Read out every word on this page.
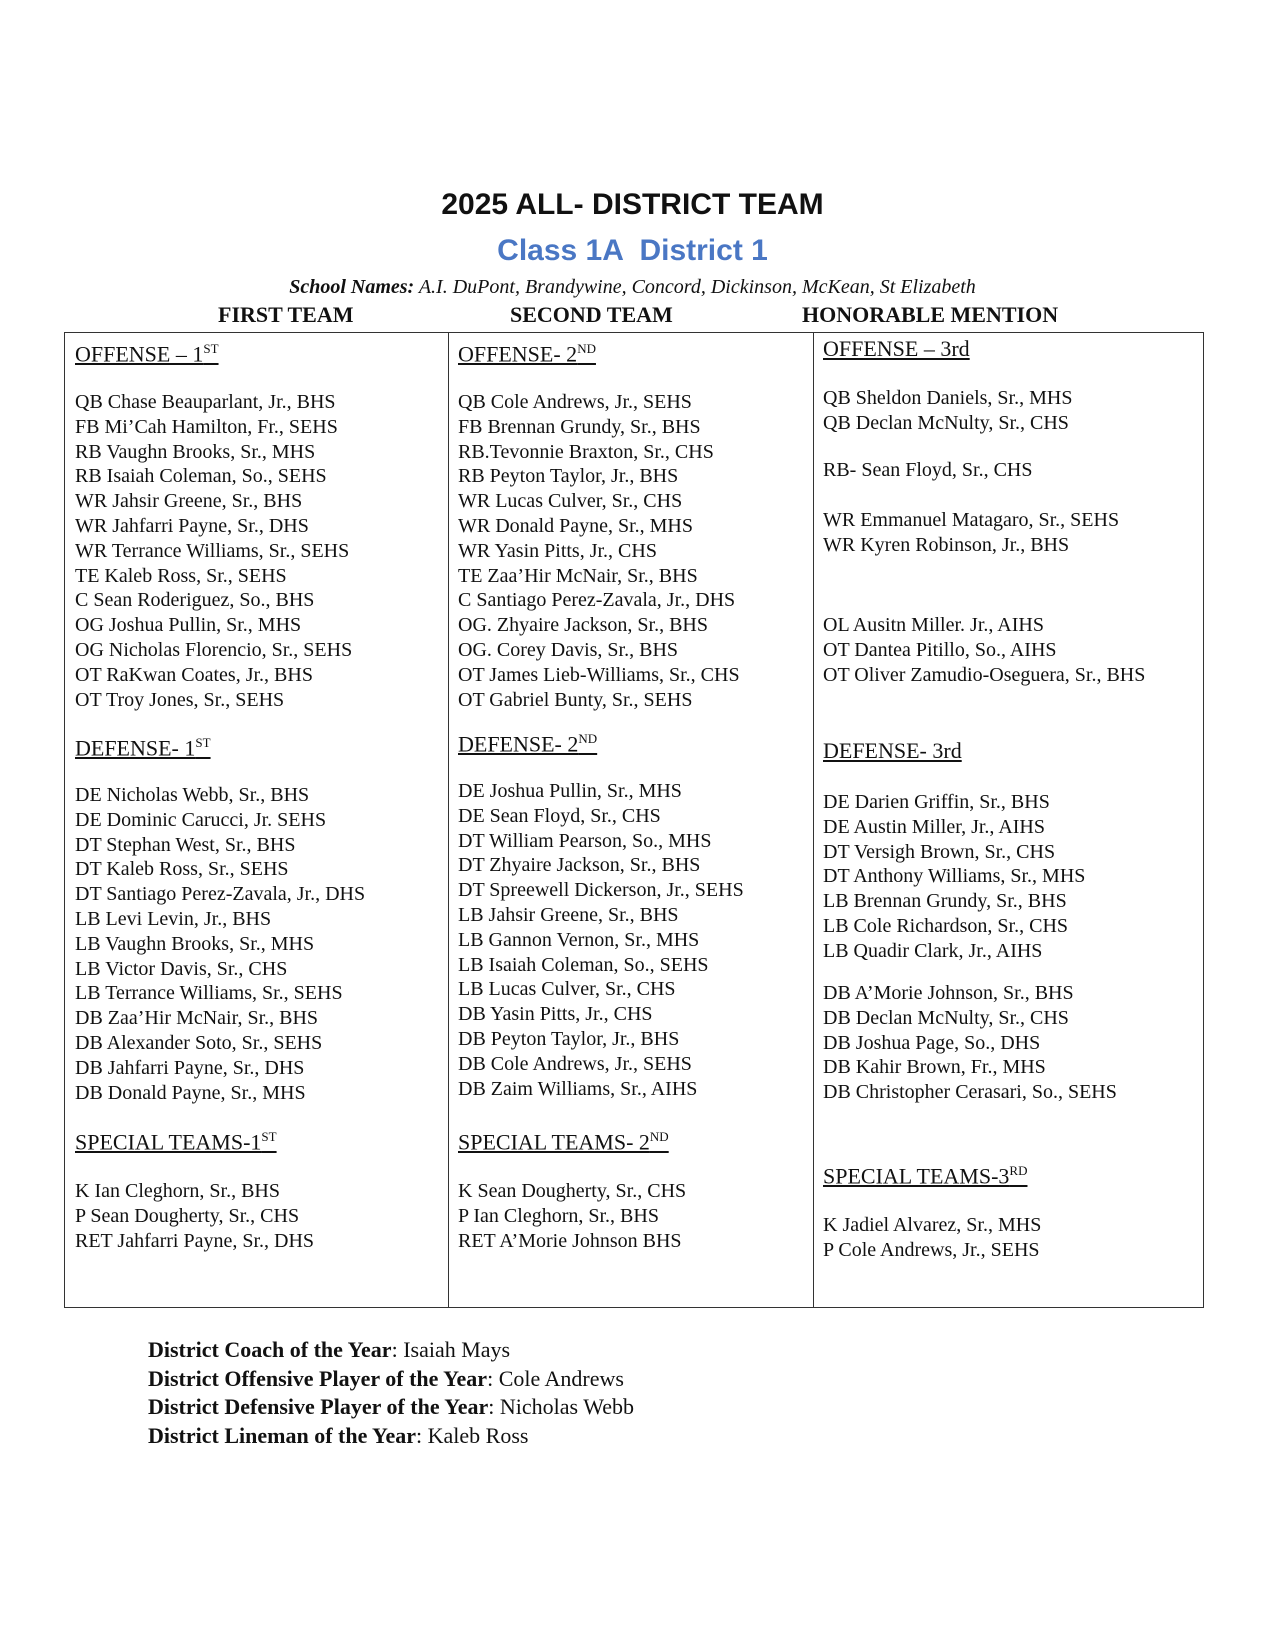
2025 ALL- DISTRICT TEAM
Class 1A  District 1
School Names: A.I. DuPont, Brandywine, Concord, Dickinson, McKean, St Elizabeth
FIRST TEAM	SECOND TEAM	HONORABLE MENTION
OFFENSE – 1ST
QB Chase Beauparlant, Jr., BHS
FB Mi’Cah Hamilton, Fr., SEHS
RB Vaughn Brooks, Sr., MHS
RB Isaiah Coleman, So., SEHS
WR Jahsir Greene, Sr., BHS
WR Jahfarri Payne, Sr., DHS
WR Terrance Williams, Sr., SEHS
TE Kaleb Ross, Sr., SEHS
C Sean Roderiguez, So., BHS
OG Joshua Pullin, Sr., MHS
OG Nicholas Florencio, Sr., SEHS
OT RaKwan Coates, Jr., BHS
OT Troy Jones, Sr., SEHS
DEFENSE- 1ST
DE Nicholas Webb, Sr., BHS
DE Dominic Carucci, Jr. SEHS
DT Stephan West, Sr., BHS
DT Kaleb Ross, Sr., SEHS
DT Santiago Perez-Zavala, Jr., DHS
LB Levi Levin, Jr., BHS
LB Vaughn Brooks, Sr., MHS
LB Victor Davis, Sr., CHS
LB Terrance Williams, Sr., SEHS
DB Zaa’Hir McNair, Sr., BHS
DB Alexander Soto, Sr., SEHS
DB Jahfarri Payne, Sr., DHS
DB Donald Payne, Sr., MHS
SPECIAL TEAMS-1ST
K Ian Cleghorn, Sr., BHS
P Sean Dougherty, Sr., CHS
RET Jahfarri Payne, Sr., DHS
OFFENSE- 2ND
QB Cole Andrews, Jr., SEHS
FB Brennan Grundy, Sr., BHS
RB.Tevonnie Braxton, Sr., CHS
RB Peyton Taylor, Jr., BHS
WR Lucas Culver, Sr., CHS
WR Donald Payne, Sr., MHS
WR Yasin Pitts, Jr., CHS
TE Zaa’Hir McNair, Sr., BHS
C Santiago Perez-Zavala, Jr., DHS
OG. Zhyaire Jackson, Sr., BHS
OG. Corey Davis, Sr., BHS
OT James Lieb-Williams, Sr., CHS
OT Gabriel Bunty, Sr., SEHS
DEFENSE- 2ND
DE Joshua Pullin, Sr., MHS
DE Sean Floyd, Sr., CHS
DT William Pearson, So., MHS
DT Zhyaire Jackson, Sr., BHS
DT Spreewell Dickerson, Jr., SEHS
LB Jahsir Greene, Sr., BHS
LB Gannon Vernon, Sr., MHS
LB Isaiah Coleman, So., SEHS
LB Lucas Culver, Sr., CHS
DB Yasin Pitts, Jr., CHS
DB Peyton Taylor, Jr., BHS
DB Cole Andrews, Jr., SEHS
DB Zaim Williams, Sr., AIHS
SPECIAL TEAMS- 2ND
K Sean Dougherty, Sr., CHS
P Ian Cleghorn, Sr., BHS
RET A’Morie Johnson BHS
OFFENSE – 3rd
QB Sheldon Daniels, Sr., MHS
QB Declan McNulty, Sr., CHS
RB- Sean Floyd, Sr., CHS
WR Emmanuel Matagaro, Sr., SEHS
WR Kyren Robinson, Jr., BHS
OL Ausitn Miller. Jr., AIHS
OT Dantea Pitillo, So., AIHS
OT Oliver Zamudio-Oseguera, Sr., BHS
DEFENSE- 3rd
DE Darien Griffin, Sr., BHS
DE Austin Miller, Jr., AIHS
DT Versigh Brown, Sr., CHS
DT Anthony Williams, Sr., MHS
LB Brennan Grundy, Sr., BHS
LB Cole Richardson, Sr., CHS
LB Quadir Clark, Jr., AIHS
DB A’Morie Johnson, Sr., BHS
DB Declan McNulty, Sr., CHS
DB Joshua Page, So., DHS
DB Kahir Brown, Fr., MHS
DB Christopher Cerasari, So., SEHS
SPECIAL TEAMS-3RD
K Jadiel Alvarez, Sr., MHS
P Cole Andrews, Jr., SEHS
District Coach of the Year: Isaiah Mays
District Offensive Player of the Year: Cole Andrews
District Defensive Player of the Year: Nicholas Webb
District Lineman of the Year: Kaleb Ross
